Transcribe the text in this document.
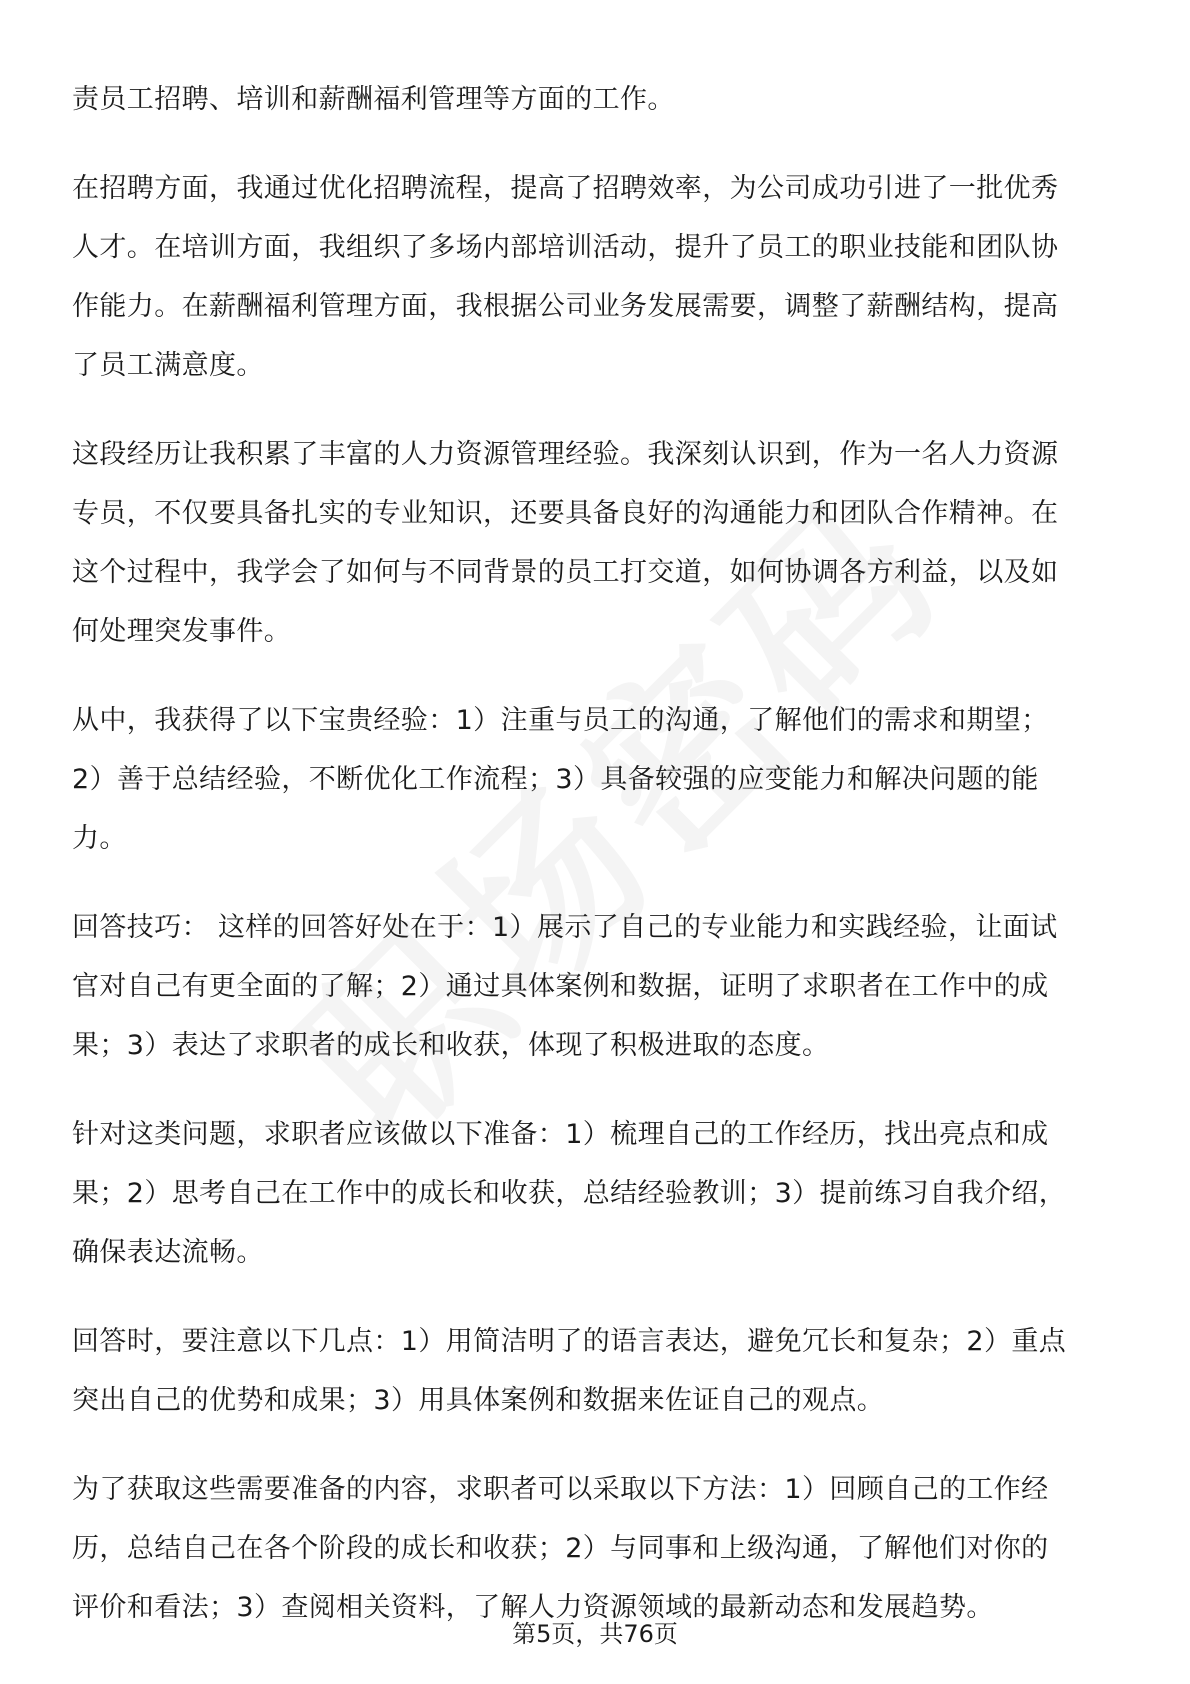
责员工招聘、培训和薪酬福利管理等方面的工作。

在招聘方面，我通过优化招聘流程，提高了招聘效率，为公司成功引进了一批优秀
人才。在培训方面，我组织了多场内部培训活动，提升了员工的职业技能和团队协
作能力。在薪酬福利管理方面，我根据公司业务发展需要，调整了薪酬结构，提高
了员工满意度。

这段经历让我积累了丰富的人力资源管理经验。我深刻认识到，作为一名人力资源
专员，不仅要具备扎实的专业知识，还要具备良好的沟通能力和团队合作精神。在
这个过程中，我学会了如何与不同背景的员工打交道，如何协调各方利益，以及如
何处理突发事件。

从中，我获得了以下宝贵经验：1）注重与员工的沟通，了解他们的需求和期望；
2）善于总结经验，不断优化工作流程；3）具备较强的应变能力和解决问题的能
力。

回答技巧： 这样的回答好处在于：1）展示了自己的专业能力和实践经验，让面试
官对自己有更全面的了解；2）通过具体案例和数据，证明了求职者在工作中的成
果；3）表达了求职者的成长和收获，体现了积极进取的态度。

针对这类问题，求职者应该做以下准备：1）梳理自己的工作经历，找出亮点和成
果；2）思考自己在工作中的成长和收获，总结经验教训；3）提前练习自我介绍，
确保表达流畅。

回答时，要注意以下几点：1）用简洁明了的语言表达，避免冗长和复杂；2）重点
突出自己的优势和成果；3）用具体案例和数据来佐证自己的观点。

为了获取这些需要准备的内容，求职者可以采取以下方法：1）回顾自己的工作经
历，总结自己在各个阶段的成长和收获；2）与同事和上级沟通，了解他们对你的
评价和看法；3）查阅相关资料，了解人力资源领域的最新动态和发展趋势。

第5页，共76页
